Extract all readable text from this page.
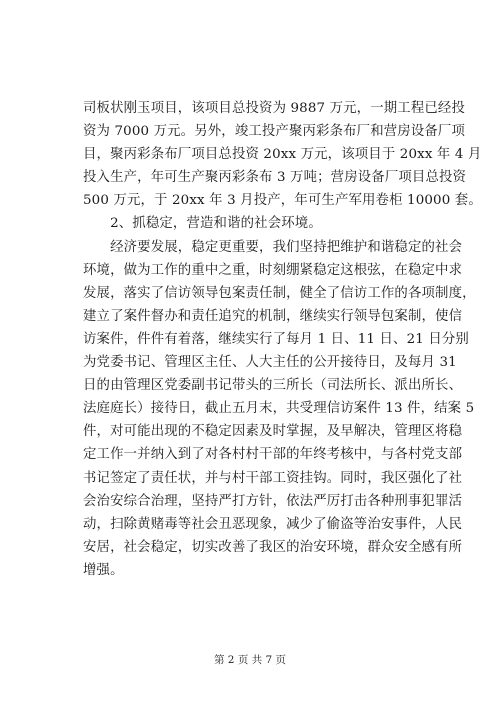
司板状刚玉项目，该项目总投资为 9887 万元，一期工程已经投
资为 7000 万元。另外，竣工投产聚丙彩条布厂和营房设备厂项
目，聚丙彩条布厂项目总投资 20xx 万元，该项目于 20xx 年 4 月
投入生产，年可生产聚丙彩条布 3 万吨；营房设备厂项目总投资
500 万元，于 20xx 年 3 月投产，年可生产军用卷柜 10000 套。
　　2、抓稳定，营造和谐的社会环境。
　　经济要发展，稳定更重要，我们坚持把维护和谐稳定的社会
环境，做为工作的重中之重，时刻绷紧稳定这根弦，在稳定中求
发展，落实了信访领导包案责任制，健全了信访工作的各项制度，
建立了案件督办和责任追究的机制，继续实行领导包案制，使信
访案件，件件有着落，继续实行了每月 1 日、11 日、21 日分别
为党委书记、管理区主任、人大主任的公开接待日，及每月 31
日的由管理区党委副书记带头的三所长（司法所长、派出所长、
法庭庭长）接待日，截止五月末，共受理信访案件 13 件，结案 5
件，对可能出现的不稳定因素及时掌握，及早解决，管理区将稳
定工作一并纳入到了对各村村干部的年终考核中，与各村党支部
书记签定了责任状，并与村干部工资挂钩。同时，我区强化了社
会治安综合治理，坚持严打方针，依法严厉打击各种刑事犯罪活
动，扫除黄赌毒等社会丑恶现象，减少了偷盗等治安事件，人民
安居，社会稳定，切实改善了我区的治安环境，群众安全感有所
增强。
第 2 页 共 7 页
